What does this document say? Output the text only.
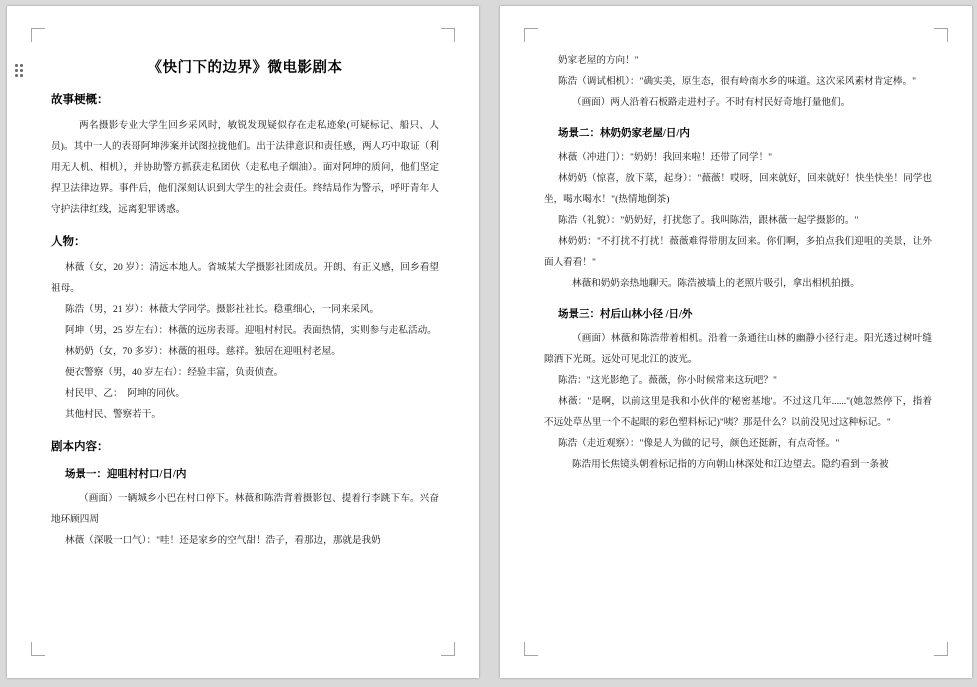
《快门下的边界》微电影剧本
故事梗概：

两名摄影专业大学生回乡采风时，敏锐发现疑似存在走私迹象(可疑标记、船只、人员)。其中一人的表哥阿坤涉案并试图拉拢他们。出于法律意识和责任感，两人巧中取证（利用无人机、相机），并协助警方抓获走私团伙（走私电子烟油）。面对阿坤的质问，他们坚定捍卫法律边界。事件后，他们深刻认识到大学生的社会责任。终结局作为警示，呼吁青年人守护法律红线，远离犯罪诱惑。

人物：

林薇（女，20 岁）：清远本地人。省城某大学摄影社团成员。开朗、有正义感，回乡看望祖母。

陈浩（男，21 岁）：林薇大学同学。摄影社社长。稳重细心，一同来采风。

阿坤（男，25 岁左右）：林薇的远房表哥。迎咀村村民。表面热情，实则参与走私活动。

林奶奶（女，70 多岁）：林薇的祖母。慈祥。独居在迎咀村老屋。

便衣警察（男，40 岁左右）：经验丰富，负责侦查。

村民甲、乙：　阿坤的同伙。

其他村民、警察若干。

剧本内容：
场景一：迎咀村村口/日/内

（画面）一辆城乡小巴在村口停下。林薇和陈浩背着摄影包、提着行李跳下车。兴奋地环顾四周

林薇（深吸一口气）："哇！还是家乡的空气甜！浩子，看那边，那就是我奶

奶家老屋的方向！"

陈浩（调试相机）："确实美，原生态，很有岭南水乡的味道。这次采风素材肯定棒。"

（画面）两人沿着石板路走进村子。不时有村民好奇地打量他们。

场景二：林奶奶家老屋/日/内

林薇（冲进门）："奶奶！我回来啦！还带了同学！"

林奶奶（惊喜，放下菜，起身）："薇薇！哎呀，回来就好，回来就好！快坐快坐！同学也坐，喝水喝水！"(热情地倒茶)

陈浩（礼貌）："奶奶好，打扰您了。我叫陈浩，跟林薇一起学摄影的。"

林奶奶："不打扰不打扰！薇薇难得带朋友回来。你们啊，多拍点我们迎咀的美景，让外面人看看！"

林薇和奶奶亲热地聊天。陈浩被墙上的老照片吸引，拿出相机拍摄。

场景三：村后山林小径 /日/外

（画面）林薇和陈浩带着相机。沿着一条通往山林的幽静小径行走。阳光透过树叶缝隙洒下光斑。远处可见北江的波光。

陈浩："这光影绝了。薇薇，你小时候常来这玩吧？"

林薇："是啊，以前这里是我和小伙伴的'秘密基地'。不过这几年......"(她忽然停下，指着不远处草丛里一个不起眼的彩色塑料标记)"咦？那是什么？以前没见过这种标记。"

陈浩（走近观察）："像是人为做的记号，颜色还挺新，有点奇怪。"

陈浩用长焦镜头朝着标记指的方向朝山林深处和江边望去。隐约看到一条被
